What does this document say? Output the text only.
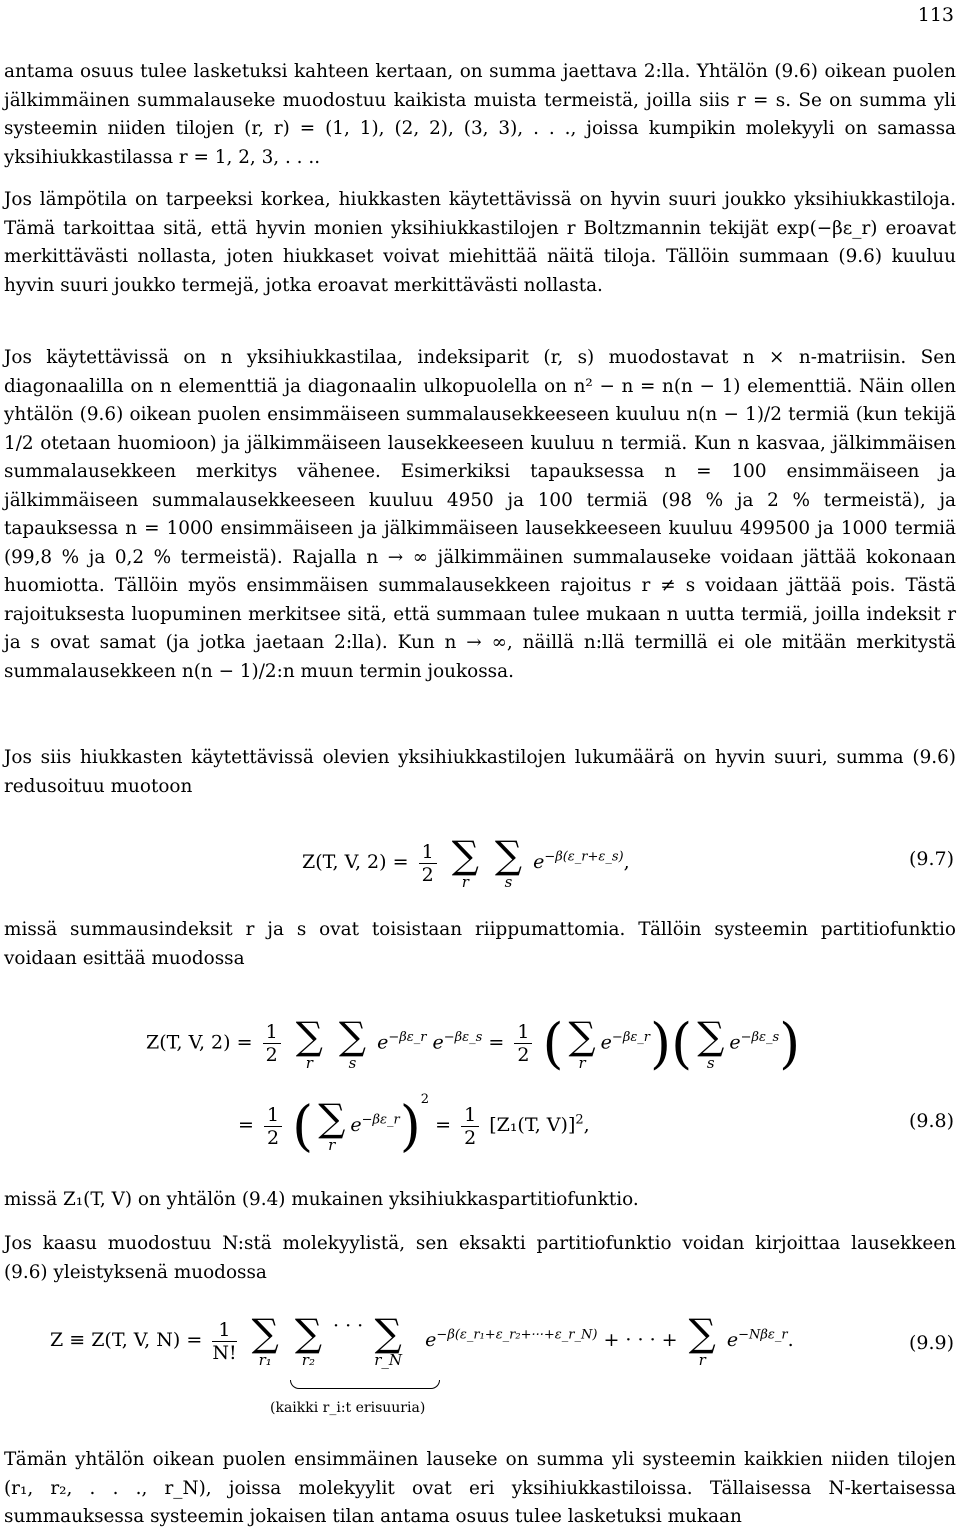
113

antama osuus tulee lasketuksi kahteen kertaan, on summa jaettava 2:lla. Yhtälön (9.6) oikean puolen jälkimmäinen summalauseke muodostuu kaikista muista termeistä, joilla siis r = s. Se on summa yli systeemin niiden tilojen (r, r) = (1, 1), (2, 2), (3, 3), . . ., joissa kumpikin molekyyli on samassa yksihiukkastilassa r = 1, 2, 3, . . ..

Jos lämpötila on tarpeeksi korkea, hiukkasten käytettävissä on hyvin suuri joukko yksihiukkastiloja. Tämä tarkoittaa sitä, että hyvin monien yksihiukkastilojen r Boltzmannin tekijät exp(−βε_r) eroavat merkittävästi nollasta, joten hiukkaset voivat miehittää näitä tiloja. Tällöin summaan (9.6) kuuluu hyvin suuri joukko termejä, jotka eroavat merkittävästi nollasta.

Jos käytettävissä on n yksihiukkastilaa, indeksiparit (r, s) muodostavat n × n-matriisin. Sen diagonaalilla on n elementtiä ja diagonaalin ulkopuolella on n² − n = n(n − 1) elementtiä. Näin ollen yhtälön (9.6) oikean puolen ensimmäiseen summalausekkeeseen kuuluu n(n − 1)/2 termiä (kun tekijä 1/2 otetaan huomioon) ja jälkimmäiseen lausekkeeseen kuuluu n termiä. Kun n kasvaa, jälkimmäisen summalausekkeen merkitys vähenee. Esimerkiksi tapauksessa n = 100 ensimmäiseen ja jälkimmäiseen summalausekkeeseen kuuluu 4950 ja 100 termiä (98 % ja 2 % termeistä), ja tapauksessa n = 1000 ensimmäiseen ja jälkimmäiseen lausekkeeseen kuuluu 499500 ja 1000 termiä (99,8 % ja 0,2 % termeistä). Rajalla n → ∞ jälkimmäinen summalauseke voidaan jättää kokonaan huomiotta. Tällöin myös ensimmäisen summalausekkeen rajoitus r ≠ s voidaan jättää pois. Tästä rajoituksesta luopuminen merkitsee sitä, että summaan tulee mukaan n uutta termiä, joilla indeksit r ja s ovat samat (ja jotka jaetaan 2:lla). Kun n → ∞, näillä n:llä termillä ei ole mitään merkitystä summalausekkeen n(n − 1)/2:n muun termin joukossa.

Jos siis hiukkasten käytettävissä olevien yksihiukkastilojen lukumäärä on hyvin suuri, summa (9.6) redusoituu muotoon

Z(T, V, $2) = \frac{1}{2}$
∑
r

∑
s
$e^{-\beta(\varepsilon\_r+\varepsilon\_s)}$,	(9.7)

missä summausindeksit r ja s ovat toisistaan riippumattomia. Tällöin systeemin partitiofunktio voidaan esittää muodossa

Z(T, V, $2) = \frac{1}{2}$
∑
r

∑
s
$e^{-\beta\varepsilon\_r}$ $e^{-\beta\varepsilon\_s} = \frac{1}{2}$ ( ∑
r
$e^{-\beta\varepsilon\_r}$)( ∑
s
$e^{-\beta\varepsilon\_s}$)
= $\frac{1}{2}$ ( ∑
r
$e^{-\beta\varepsilon\_r})^2 = \frac{1}{2} [Z_1(T$, V)]$^2$,	(9.8)

missä Z₁(T, V) on yhtälön (9.4) mukainen yksihiukkaspartitiofunktio.

Jos kaasu muodostuu N:stä molekyylistä, sen eksakti partitiofunktio voidan kirjoittaa lausekkeen (9.6) yleistyksenä muodossa

Z ≡ Z(T, V, $N) = \frac{1}{N!}$
∑
r₁

∑
r₂
· · · ∑
r_N
$e^{-\beta(\varepsilon\_r_1+\varepsilon\_r_2+\cdot\cdot\cdot+\varepsilon\_r\_N)}$ + · · · + ∑
r
$e^{-N\beta\varepsilon\_r}$.
(kaikki r_i:t erisuuria)
(9.9)

Tämän yhtälön oikean puolen ensimmäinen lauseke on summa yli systeemin kaikkien niiden tilojen (r₁, r₂, . . ., r_N), joissa molekyylit ovat eri yksihiukkastiloissa. Tällaisessa N-kertaisessa summauksessa systeemin jokaisen tilan antama osuus tulee lasketuksi mukaan
